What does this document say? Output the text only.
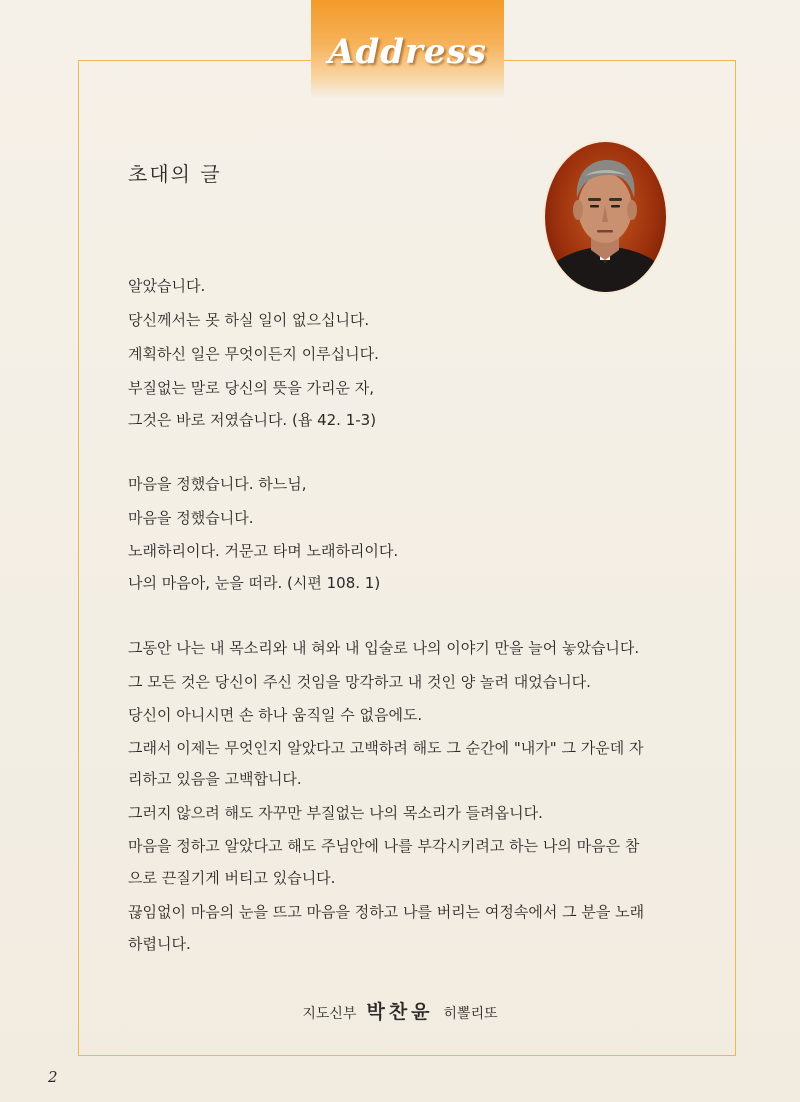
Address
초대의 글
알았습니다.
당신께서는 못 하실 일이 없으십니다.
계획하신 일은 무엇이든지 이루십니다.
부질없는 말로 당신의 뜻을 가리운 자,
그것은 바로 저였습니다. (욥 42. 1-3)
마음을 정했습니다. 하느님,
마음을 정했습니다.
노래하리이다. 거문고 타며 노래하리이다.
나의 마음아, 눈을 떠라. (시편 108. 1)
그동안 나는 내 목소리와 내 혀와 내 입술로 나의 이야기 만을 늘어 놓았습니다.
그 모든 것은 당신이 주신 것임을 망각하고 내 것인 양 놀려 대었습니다.
당신이 아니시면 손 하나 움직일 수 없음에도.
그래서 이제는 무엇인지 알았다고 고백하려 해도 그 순간에 "내가" 그 가운데 자
리하고 있음을 고백합니다.
그러지 않으려 해도 자꾸만 부질없는 나의 목소리가 들려옵니다.
마음을 정하고 알았다고 해도 주님안에 나를 부각시키려고 하는 나의 마음은 참
으로 끈질기게 버티고 있습니다.
끊임없이 마음의 눈을 뜨고 마음을 정하고 나를 버리는 여정속에서 그 분을 노래
하렵니다.
지도신부 박찬윤 히뽈리또
2
